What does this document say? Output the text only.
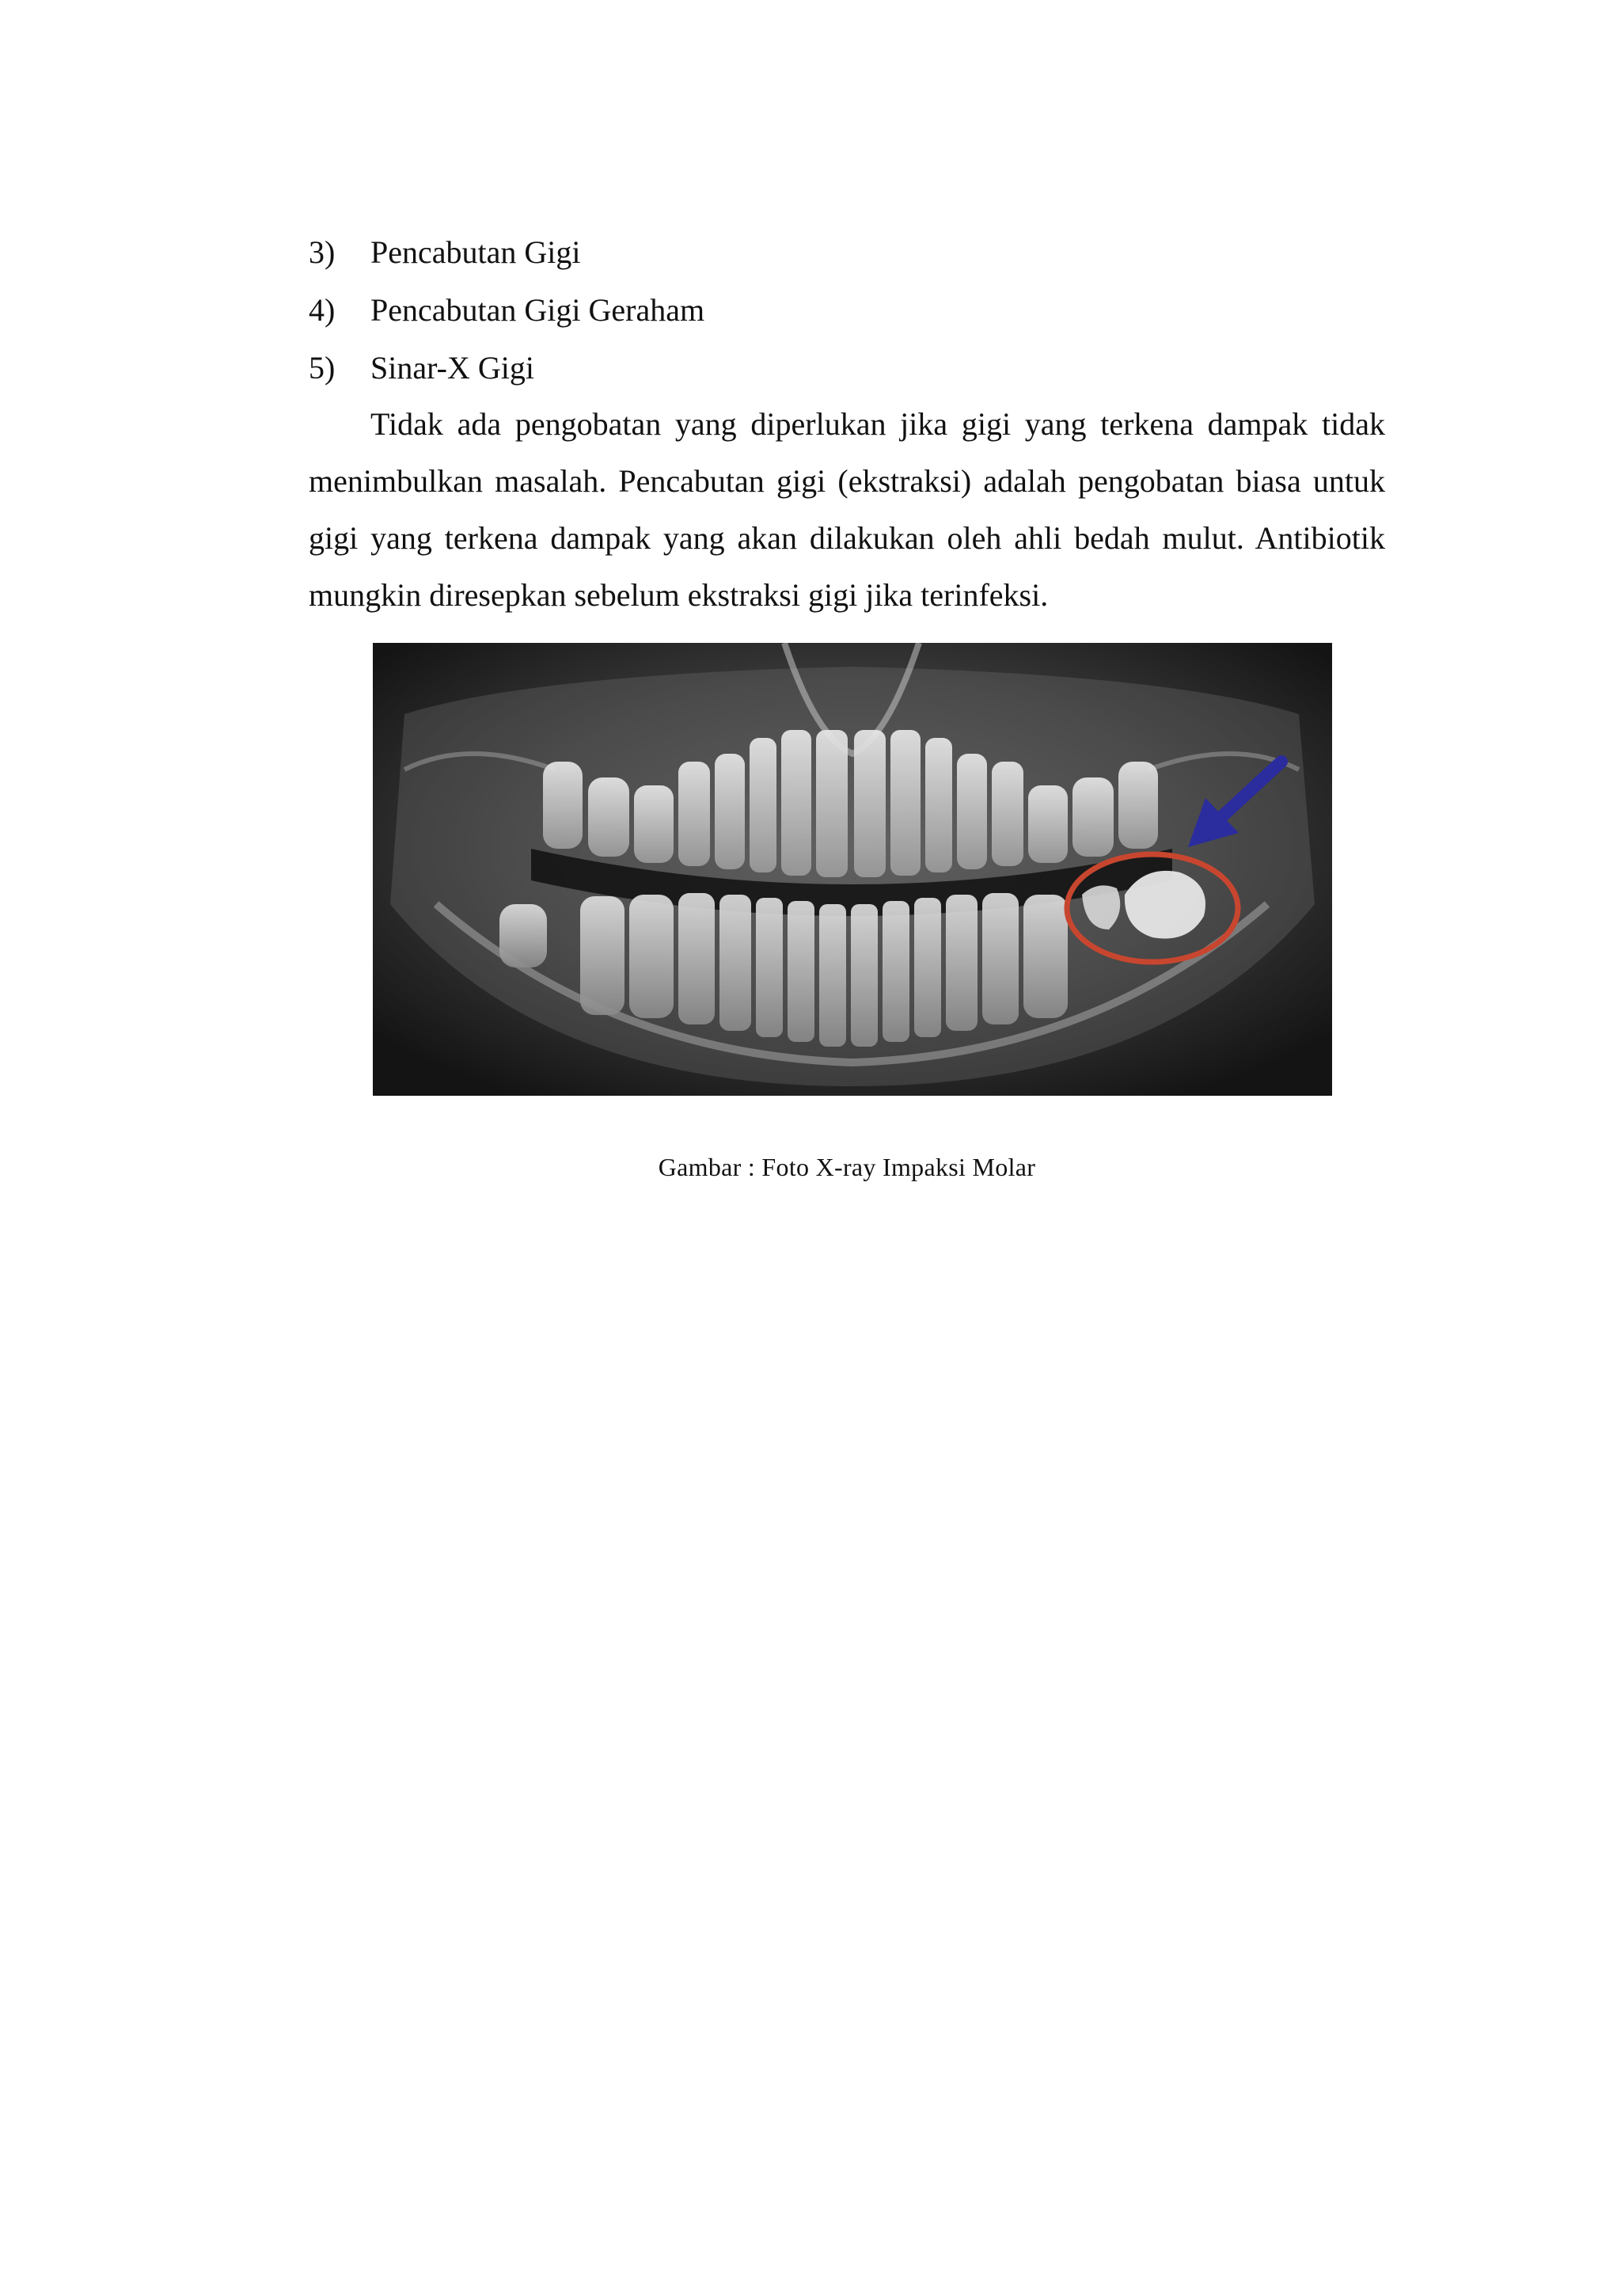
3)	Pencabutan Gigi
4)	Pencabutan Gigi Geraham
5)	Sinar-X Gigi

Tidak ada pengobatan yang diperlukan jika gigi yang terkena dampak tidak menimbulkan masalah. Pencabutan gigi (ekstraksi) adalah pengobatan biasa untuk gigi yang terkena dampak yang akan dilakukan oleh ahli bedah mulut. Antibiotik mungkin diresepkan sebelum ekstraksi gigi jika terinfeksi.

Gambar : Foto X-ray Impaksi Molar
